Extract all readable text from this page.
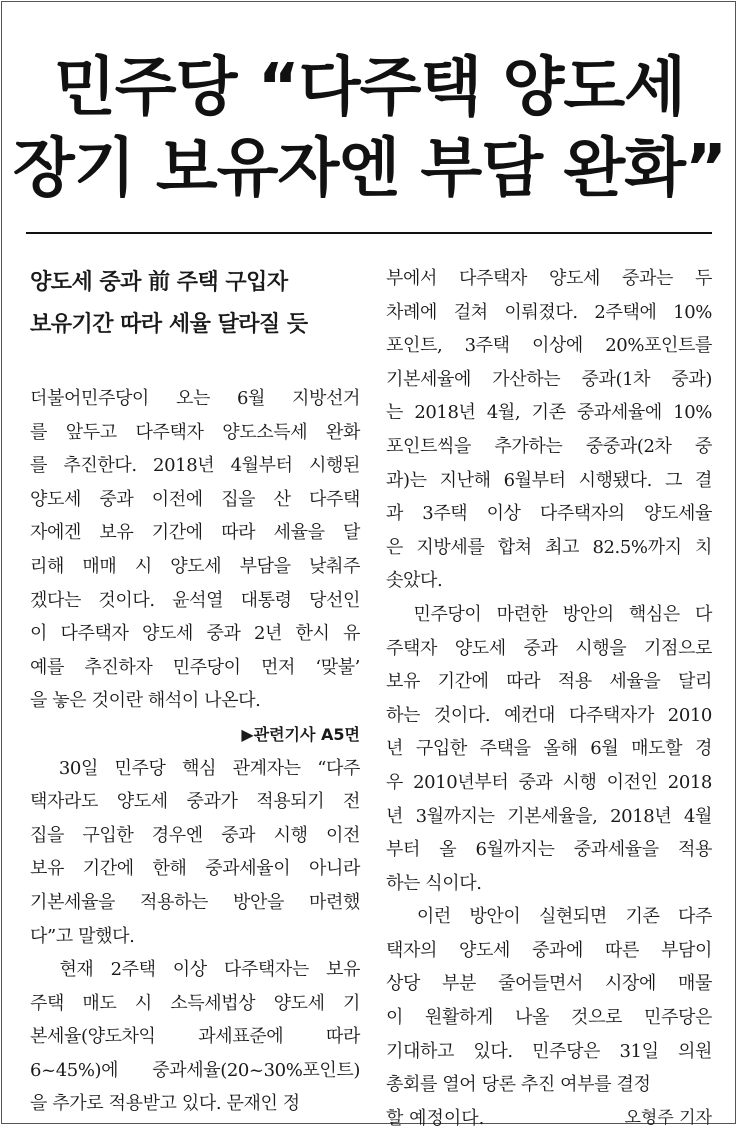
민주당 “다주택 양도세
장기 보유자엔 부담 완화”
양도세 중과 前 주택 구입자
보유기간 따라 세율 달라질 듯
더불어민주당이 오는 6월 지방선거
를 앞두고 다주택자 양도소득세 완화
를 추진한다. 2018년 4월부터 시행된
양도세 중과 이전에 집을 산 다주택
자에겐 보유 기간에 따라 세율을 달
리해 매매 시 양도세 부담을 낮춰주
겠다는 것이다. 윤석열 대통령 당선인
이 다주택자 양도세 중과 2년 한시 유
예를 추진하자 민주당이 먼저 ‘맞불’
을 놓은 것이란 해석이 나온다.
▶관련기사 A5면
　30일 민주당 핵심 관계자는 “다주
택자라도 양도세 중과가 적용되기 전
집을 구입한 경우엔 중과 시행 이전
보유 기간에 한해 중과세율이 아니라
기본세율을 적용하는 방안을 마련했
다”고 말했다.
　현재 2주택 이상 다주택자는 보유
주택 매도 시 소득세법상 양도세 기
본세율(양도차익 과세표준에 따라
6~45%)에 중과세율(20~30%포인트)
을 추가로 적용받고 있다. 문재인 정
부에서 다주택자 양도세 중과는 두
차례에 걸쳐 이뤄졌다. 2주택에 10%
포인트, 3주택 이상에 20%포인트를
기본세율에 가산하는 중과(1차 중과)
는 2018년 4월, 기존 중과세율에 10%
포인트씩을 추가하는 중중과(2차 중
과)는 지난해 6월부터 시행됐다. 그 결
과 3주택 이상 다주택자의 양도세율
은 지방세를 합쳐 최고 82.5%까지 치
솟았다.
　민주당이 마련한 방안의 핵심은 다
주택자 양도세 중과 시행을 기점으로
보유 기간에 따라 적용 세율을 달리
하는 것이다. 예컨대 다주택자가 2010
년 구입한 주택을 올해 6월 매도할 경
우 2010년부터 중과 시행 이전인 2018
년 3월까지는 기본세율을, 2018년 4월
부터 올 6월까지는 중과세율을 적용
하는 식이다.
　이런 방안이 실현되면 기존 다주
택자의 양도세 중과에 따른 부담이
상당 부분 줄어들면서 시장에 매물
이 원활하게 나올 것으로 민주당은
기대하고 있다. 민주당은 31일 의원
총회를 열어 당론 추진 여부를 결정
할 예정이다.	오형주 기자
